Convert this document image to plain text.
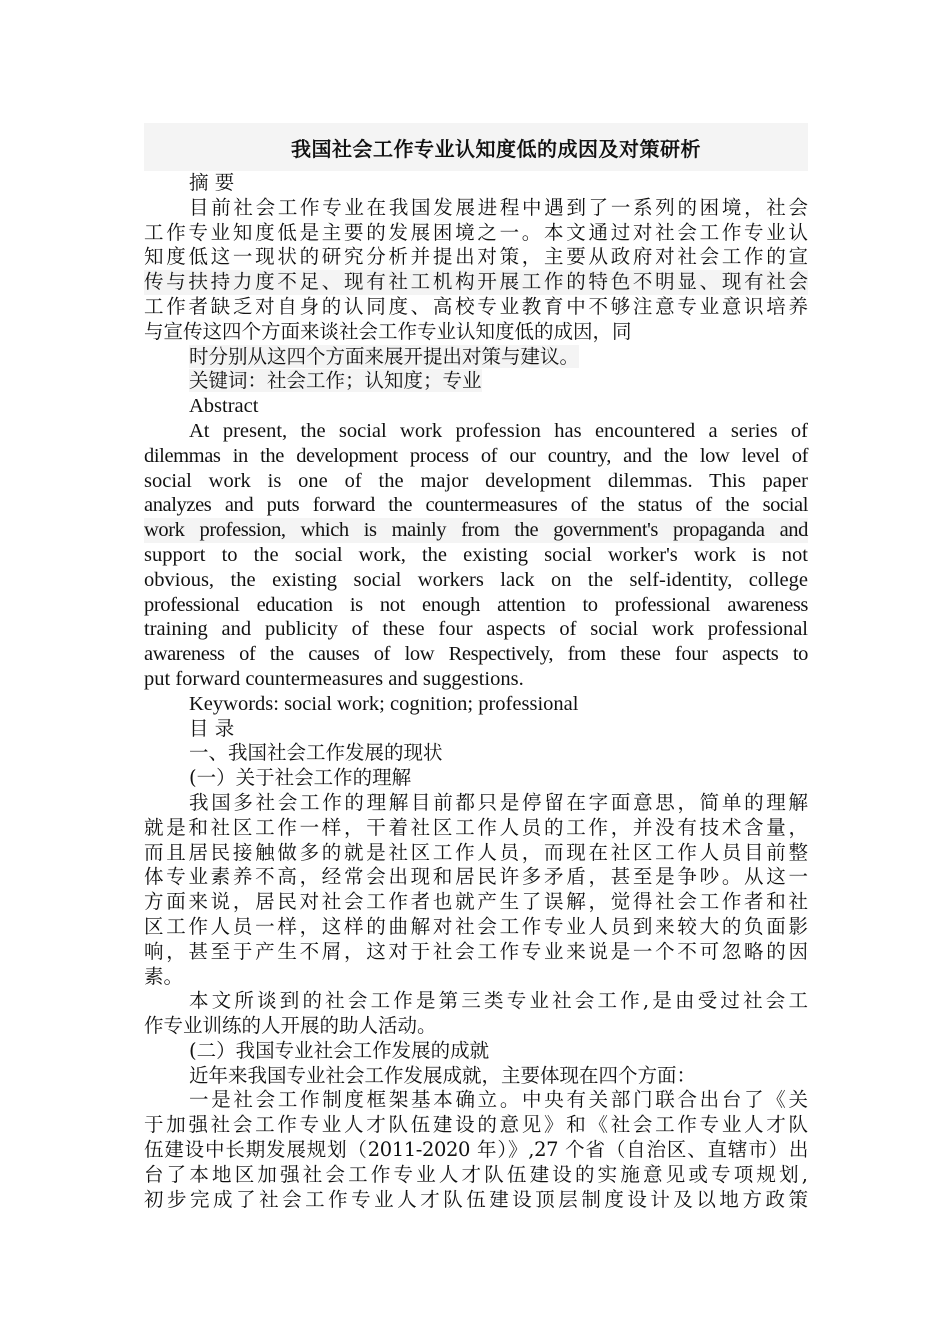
我国社会工作专业认知度低的成因及对策研析
摘 要
目前社会工作专业在我国发展进程中遇到了一系列的困境，社会
工作专业知度低是主要的发展困境之一。本文通过对社会工作专业认
知度低这一现状的研究分析并提出对策，主要从政府对社会工作的宣
传与扶持力度不足、现有社工机构开展工作的特色不明显、现有社会
工作者缺乏对自身的认同度、高校专业教育中不够注意专业意识培养
与宣传这四个方面来谈社会工作专业认知度低的成因，同
时分别从这四个方面来展开提出对策与建议。
关键词：社会工作；认知度；专业
Abstract
At present, the social work profession has encountered a series of
dilemmas in the development process of our country, and the low level of
social work is one of the major development dilemmas. This paper
analyzes and puts forward the countermeasures of the status of the social
work profession, which is mainly from the government's propaganda and
support to the social work, the existing social worker's work is not
obvious, the existing social workers lack on the self-identity, college
professional education is not enough attention to professional awareness
training and publicity of these four aspects of social work professional
awareness of the causes of low Respectively, from these four aspects to
put forward countermeasures and suggestions.
Keywords: social work; cognition; professional
目 录
一、我国社会工作发展的现状
(一）关于社会工作的理解
我国多社会工作的理解目前都只是停留在字面意思，简单的理解
就是和社区工作一样，干着社区工作人员的工作，并没有技术含量，
而且居民接触做多的就是社区工作人员，而现在社区工作人员目前整
体专业素养不高，经常会出现和居民许多矛盾，甚至是争吵。从这一
方面来说，居民对社会工作者也就产生了误解，觉得社会工作者和社
区工作人员一样，这样的曲解对社会工作专业人员到来较大的负面影
响，甚至于产生不屑，这对于社会工作专业来说是一个不可忽略的因
素。
本文所谈到的社会工作是第三类专业社会工作,是由受过社会工
作专业训练的人开展的助人活动。
(二）我国专业社会工作发展的成就
近年来我国专业社会工作发展成就，主要体现在四个方面：
一是社会工作制度框架基本确立。中央有关部门联合出台了《关
于加强社会工作专业人才队伍建设的意见》和《社会工作专业人才队
伍建设中长期发展规划（2011-2020 年）》,27 个省（自治区、直辖市）出
台了本地区加强社会工作专业人才队伍建设的实施意见或专项规划,
初步完成了社会工作专业人才队伍建设顶层制度设计及以地方政策
